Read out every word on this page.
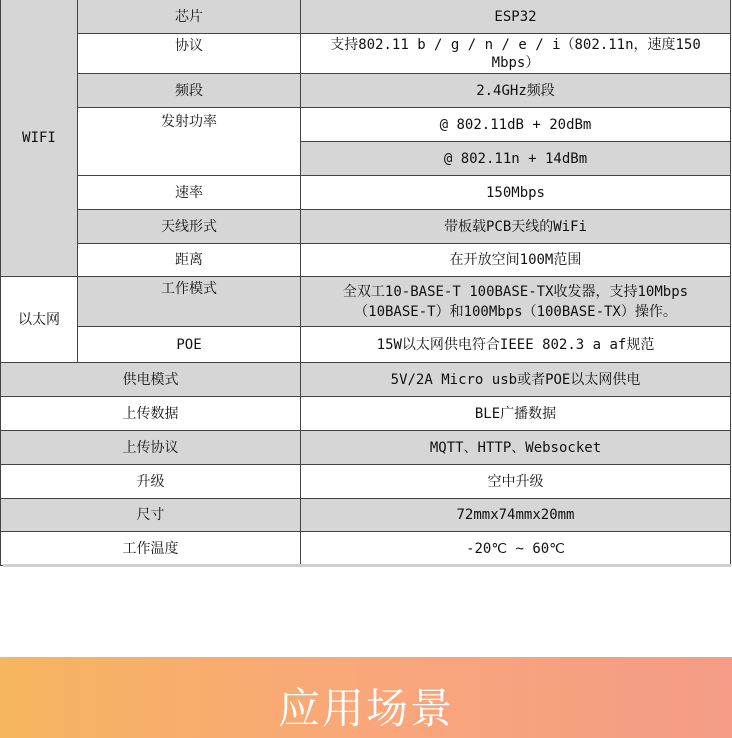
WIFI
芯片	ESP32
协议	支持802.11 b / g / n / e / i（802.11n，速度150
Mbps）
频段	2.4GHz频段
发射功率	@ 802.11dB + 20dBm
@ 802.11n + 14dBm
速率	150Mbps
天线形式	带板载PCB天线的WiFi
距离	在开放空间100M范围
以太网
工作模式	全双工10-BASE-T 100BASE-TX收发器，支持10Mbps
（10BASE-T）和100Mbps（100BASE-TX）操作。
POE	15W以太网供电符合IEEE 802.3 a af规范
供电模式	5V/2A Micro usb或者POE以太网供电
上传数据	BLE广播数据
上传协议	MQTT、HTTP、Websocket
升级	空中升级
尺寸	72mmx74mmx20mm
工作温度	-20℃ ~ 60℃
应用场景
